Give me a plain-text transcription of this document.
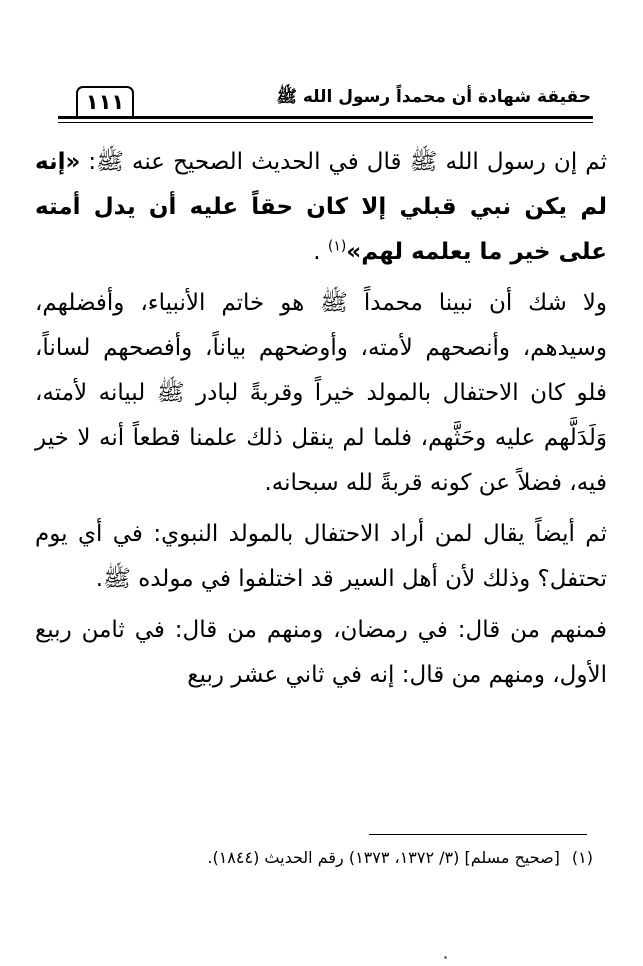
حقيقة شهادة أن محمداً رسول الله ﷺ
١١١

ثم إن رسول الله ﷺ قال في الحديث الصحيح عنه ﷺ: «إنه لم يكن نبي قبلي إلا كان حقاً عليه أن يدل أمته على خير ما يعلمه لهم»$^{(١)}$ .

ولا شك أن نبينا محمداً ﷺ هو خاتم الأنبياء، وأفضلهم، وسيدهم، وأنصحهم لأمته، وأوضحهم بياناً، وأفصحهم لساناً، فلو كان الاحتفال بالمولد خيراً وقربةً لبادر ﷺ لبيانه لأمته، وَلَدَلَّهم عليه وحَثَّهم، فلما لم ينقل ذلك علمنا قطعاً أنه لا خير فيه، فضلاً عن كونه قربةً لله سبحانه.

ثم أيضاً يقال لمن أراد الاحتفال بالمولد النبوي: في أي يوم تحتفل؟ وذلك لأن أهل السير قد اختلفوا في مولده ﷺ.

فمنهم من قال: في رمضان، ومنهم من قال: في ثامن ربيع الأول، ومنهم من قال: إنه في ثاني عشر ربيع

(١)[صحيح مسلم] (٣/ ١٣٧٢، ١٣٧٣) رقم الحديث (١٨٤٤).
